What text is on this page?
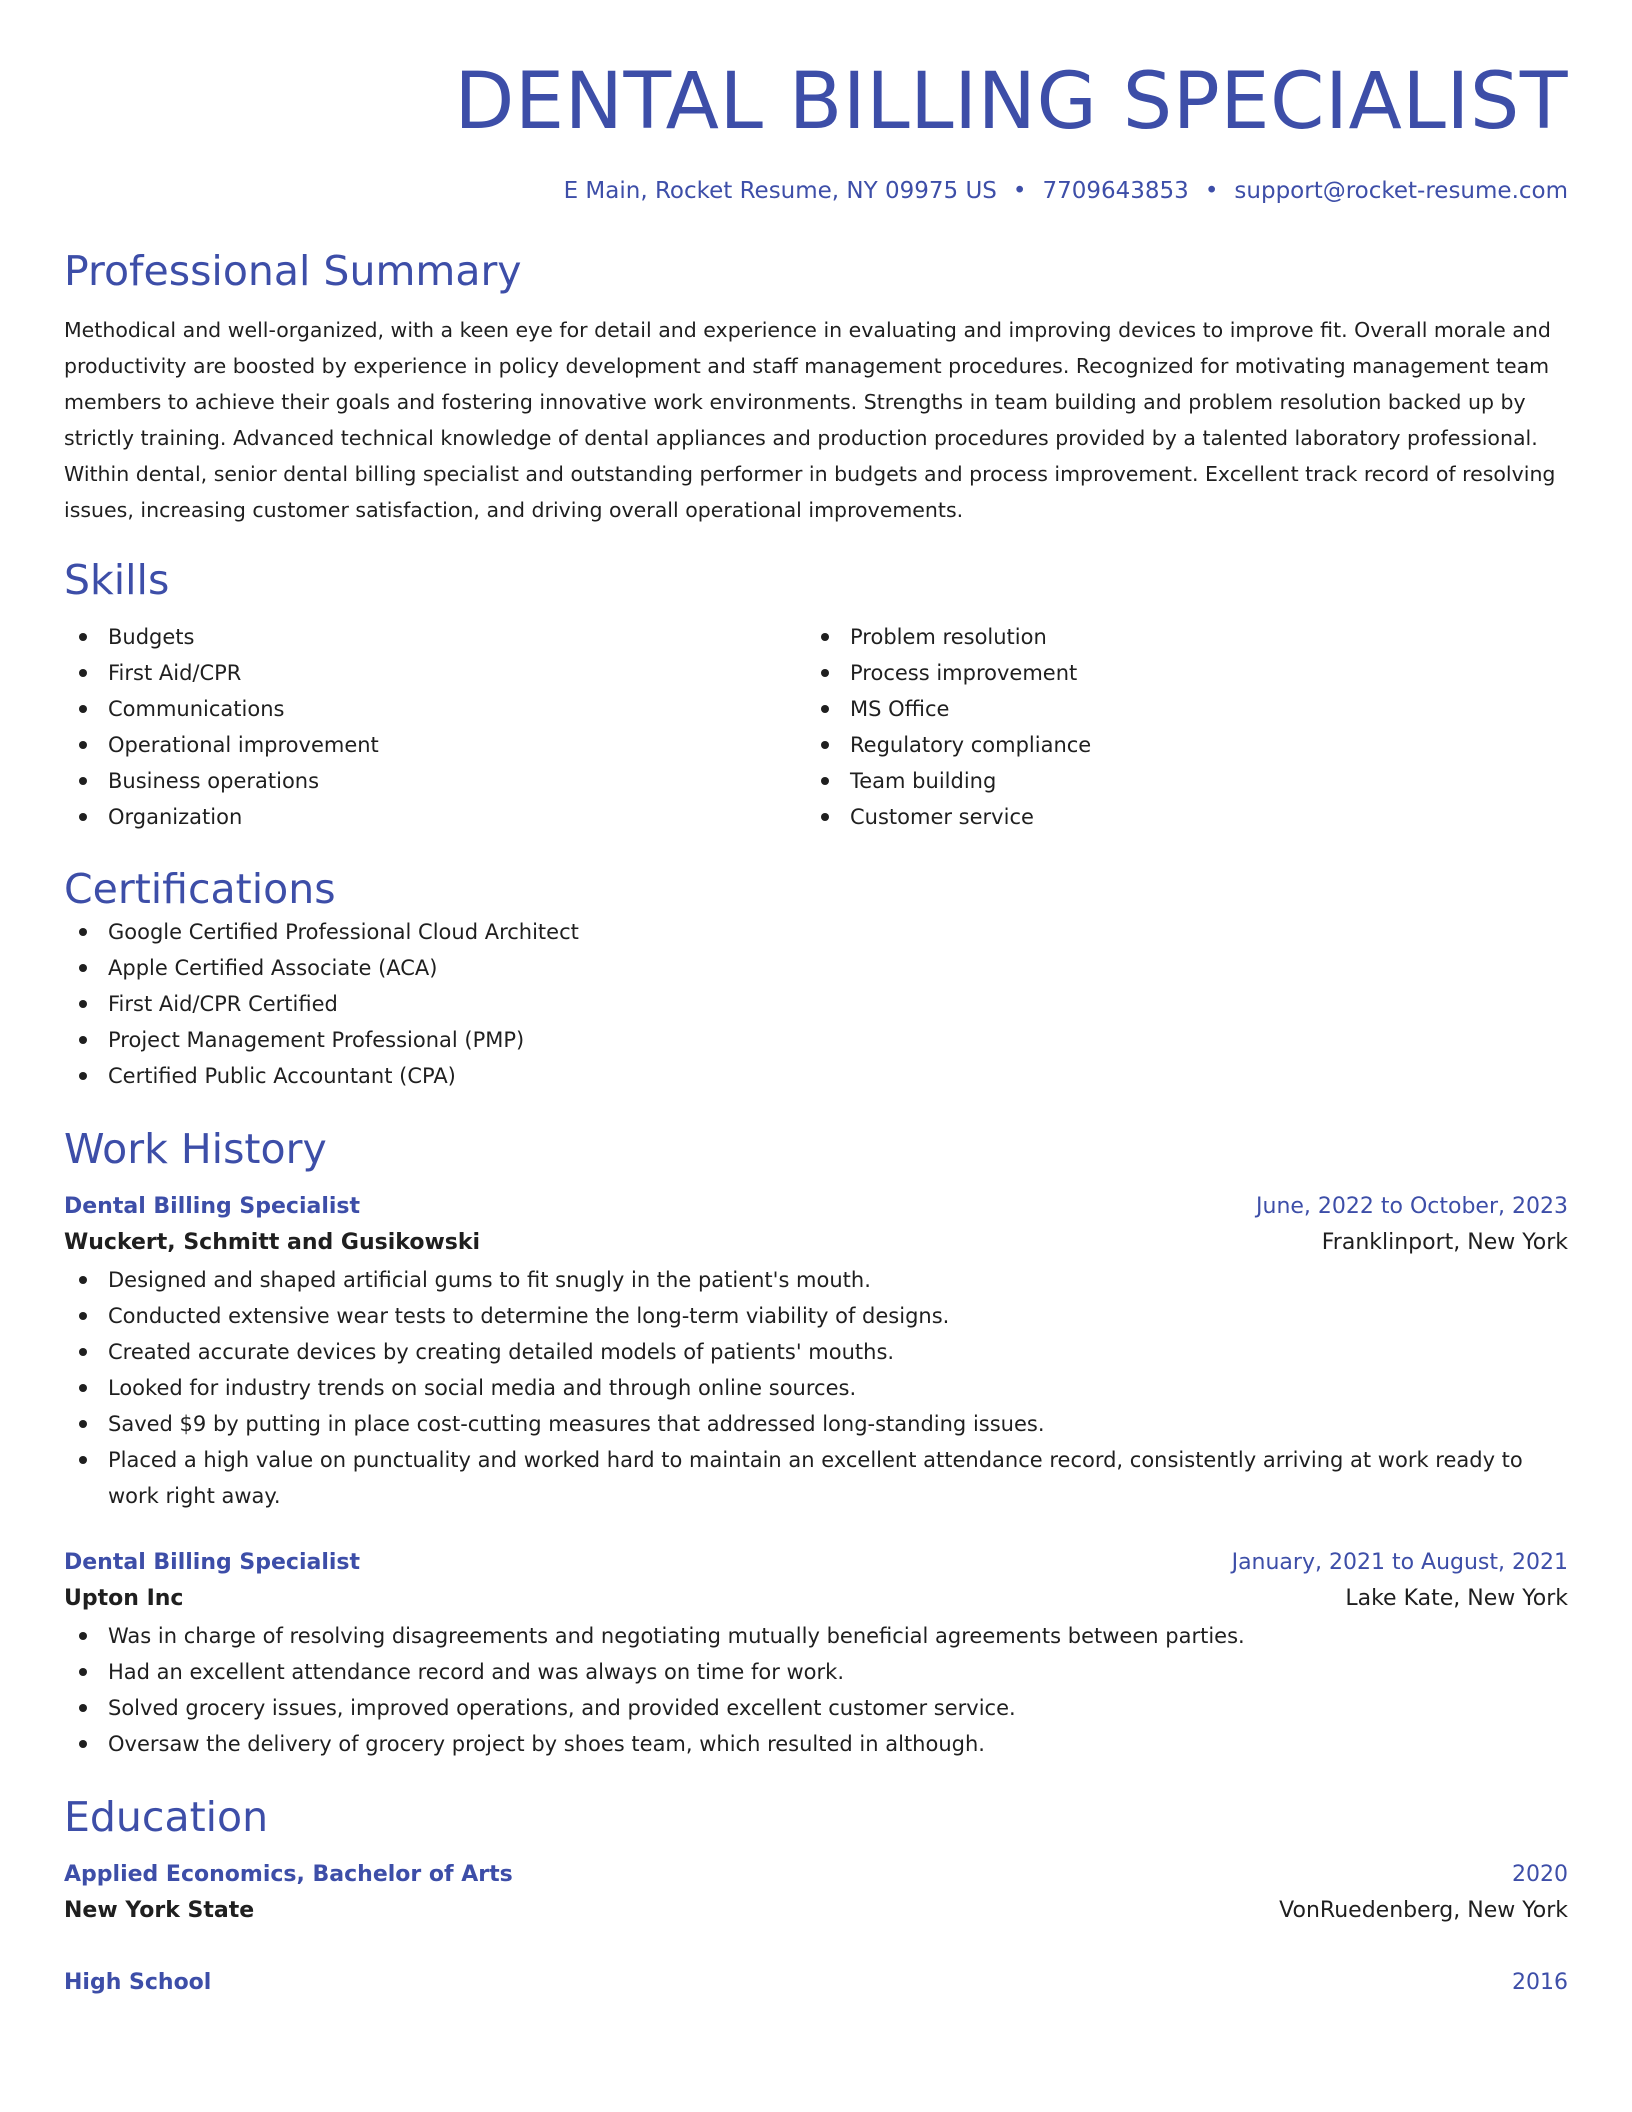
DENTAL BILLING SPECIALIST
E Main, Rocket Resume, NY 09975 US • 7709643853 • support@rocket-resume.com
Professional Summary
Methodical and well-organized, with a keen eye for detail and experience in evaluating and improving devices to improve fit. Overall morale and productivity are boosted by experience in policy development and staff management procedures. Recognized for motivating management team members to achieve their goals and fostering innovative work environments. Strengths in team building and problem resolution backed up by strictly training. Advanced technical knowledge of dental appliances and production procedures provided by a talented laboratory professional. Within dental, senior dental billing specialist and outstanding performer in budgets and process improvement. Excellent track record of resolving issues, increasing customer satisfaction, and driving overall operational improvements.
Skills
Budgets
First Aid/CPR
Communications
Operational improvement
Business operations
Organization
Problem resolution
Process improvement
MS Office
Regulatory compliance
Team building
Customer service
Certifications
Google Certified Professional Cloud Architect
Apple Certified Associate (ACA)
First Aid/CPR Certified
Project Management Professional (PMP)
Certified Public Accountant (CPA)
Work History
Dental Billing Specialist	June, 2022 to October, 2023
Wuckert, Schmitt and Gusikowski	Franklinport, New York
Designed and shaped artificial gums to fit snugly in the patient's mouth.
Conducted extensive wear tests to determine the long-term viability of designs.
Created accurate devices by creating detailed models of patients' mouths.
Looked for industry trends on social media and through online sources.
Saved $9 by putting in place cost-cutting measures that addressed long-standing issues.
Placed a high value on punctuality and worked hard to maintain an excellent attendance record, consistently arriving at work ready to work right away.
Dental Billing Specialist	January, 2021 to August, 2021
Upton Inc	Lake Kate, New York
Was in charge of resolving disagreements and negotiating mutually beneficial agreements between parties.
Had an excellent attendance record and was always on time for work.
Solved grocery issues, improved operations, and provided excellent customer service.
Oversaw the delivery of grocery project by shoes team, which resulted in although.
Education
Applied Economics, Bachelor of Arts	2020
New York State	VonRuedenberg, New York
High School	2016
